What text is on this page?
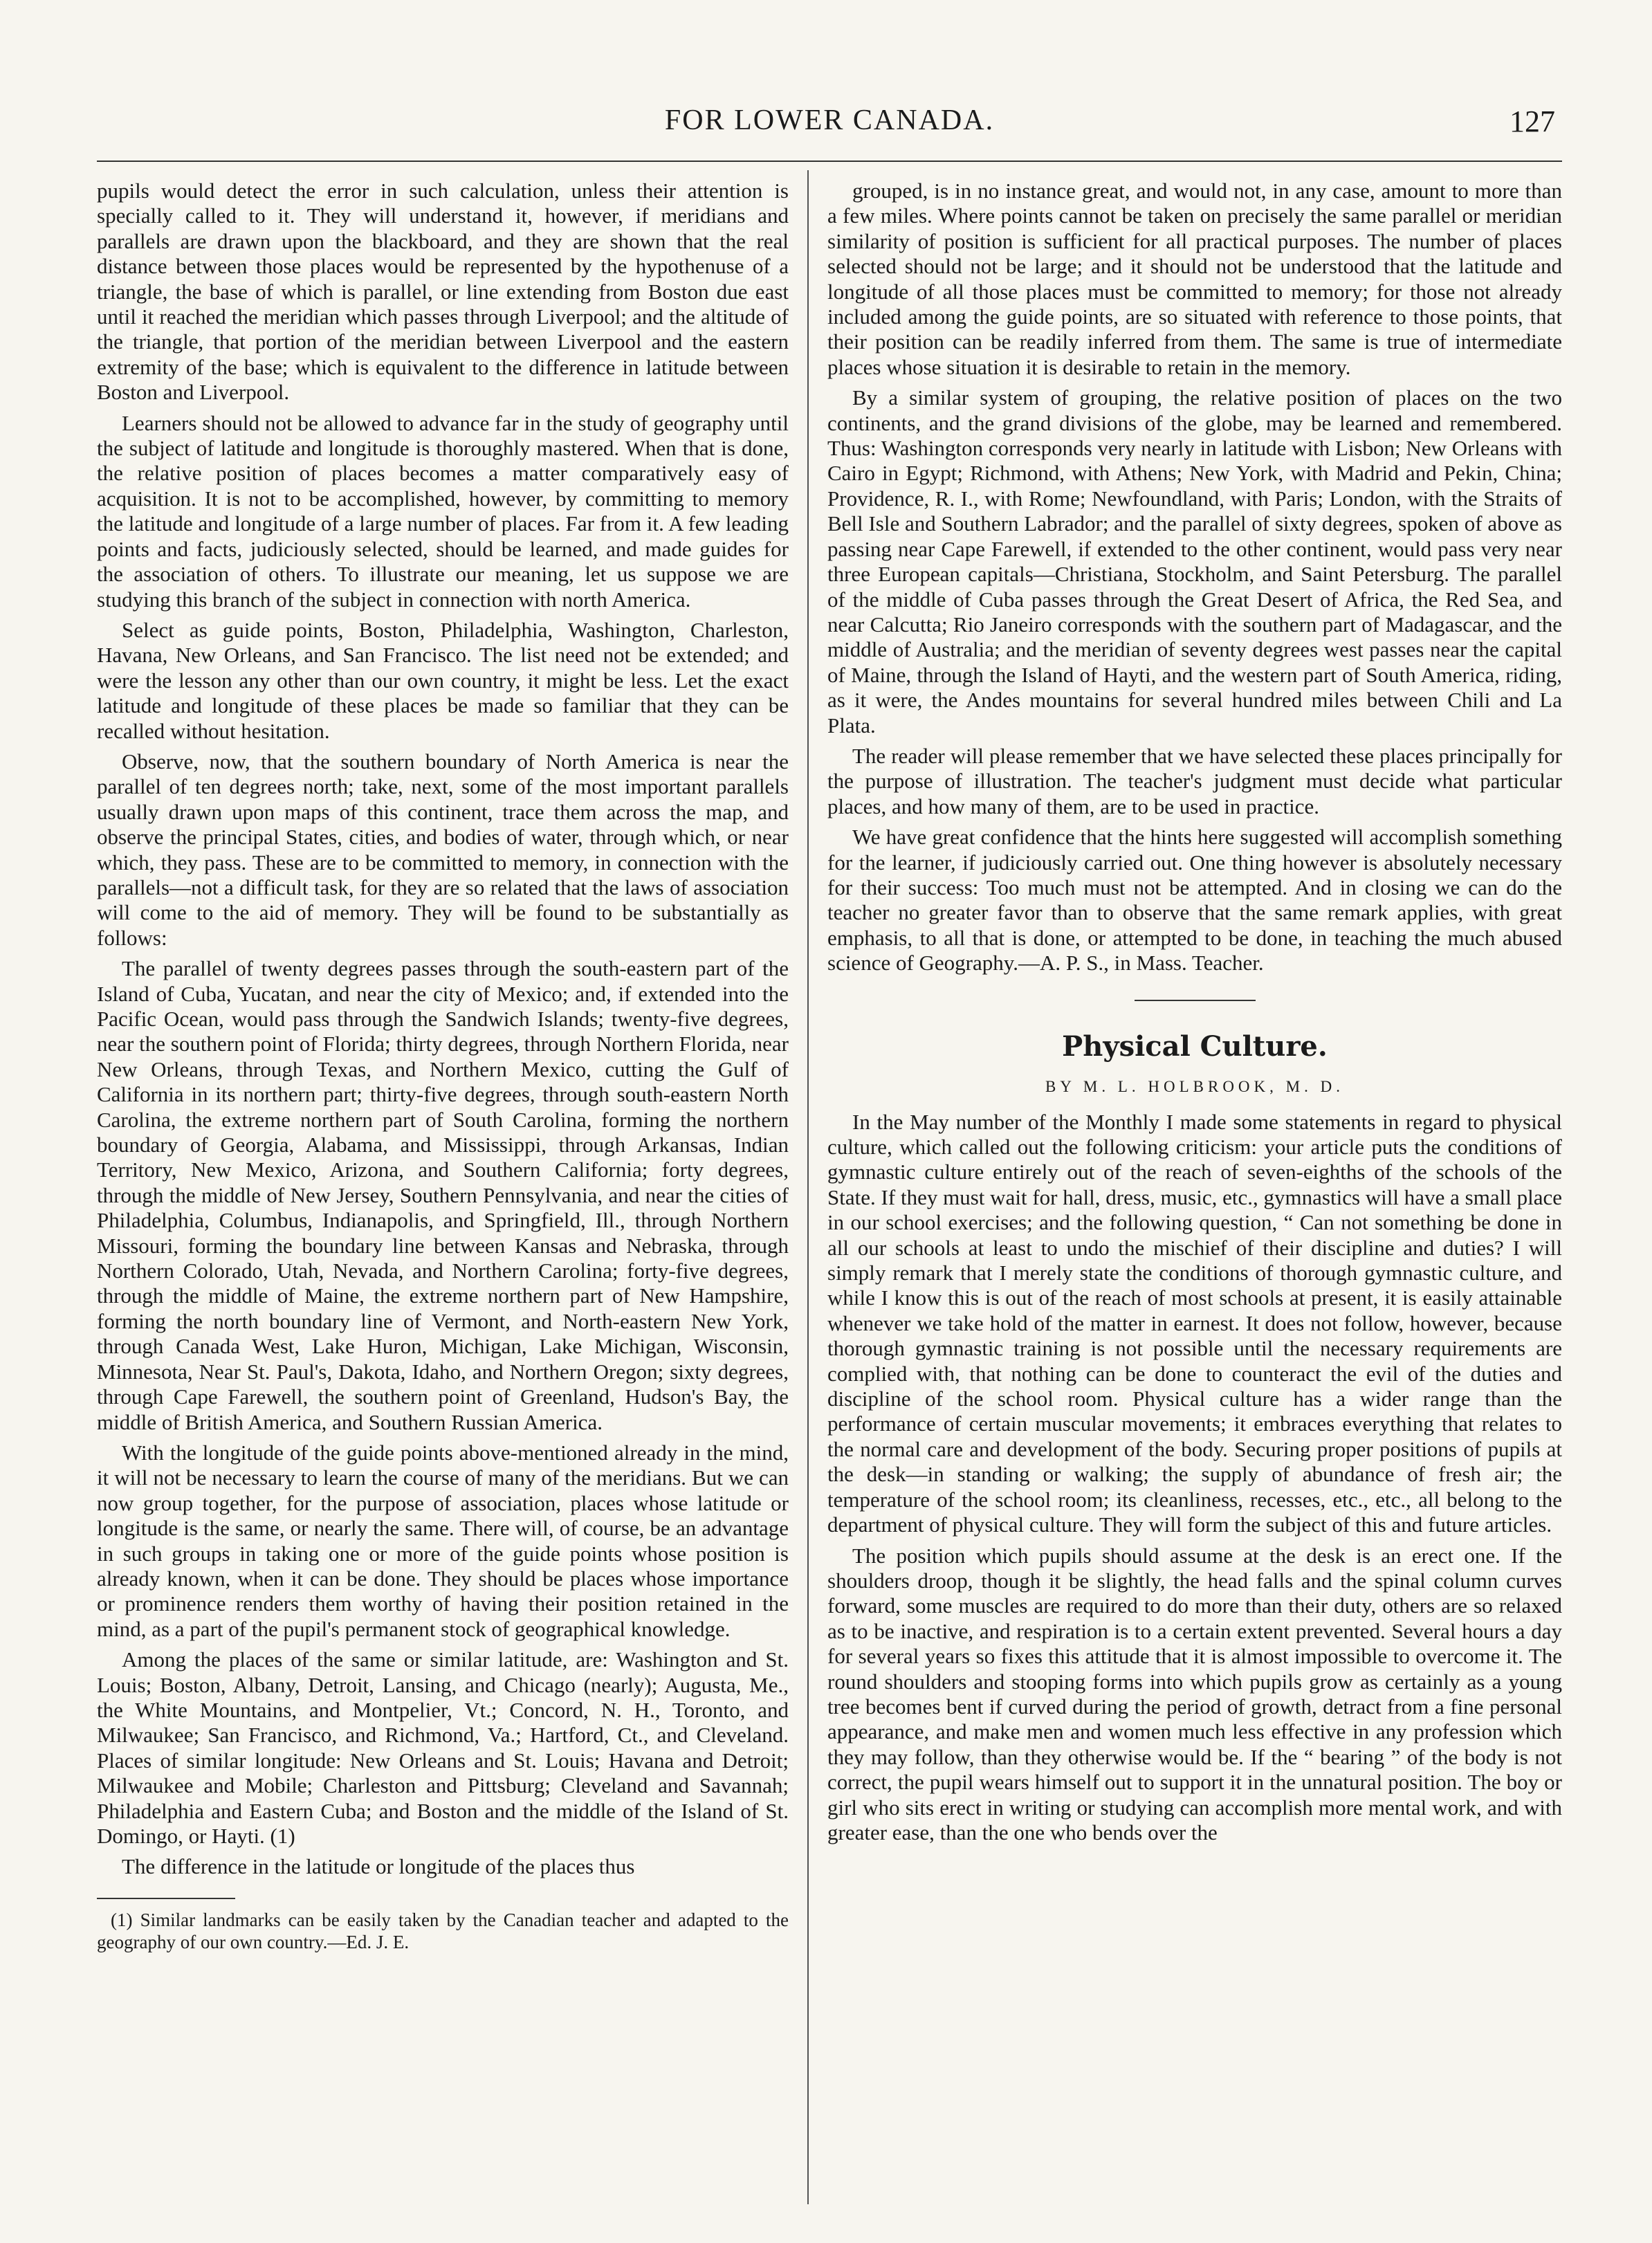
FOR LOWER CANADA.	127

pupils would detect the error in such calculation, unless their attention is specially called to it. They will understand it, however, if meridians and parallels are drawn upon the blackboard, and they are shown that the real distance between those places would be represented by the hypothenuse of a triangle, the base of which is parallel, or line extending from Boston due east until it reached the meridian which passes through Liverpool; and the altitude of the triangle, that portion of the meridian between Liverpool and the eastern extremity of the base; which is equivalent to the difference in latitude between Boston and Liverpool.

Learners should not be allowed to advance far in the study of geography until the subject of latitude and longitude is thoroughly mastered. When that is done, the relative position of places becomes a matter comparatively easy of acquisition. It is not to be accomplished, however, by committing to memory the latitude and longitude of a large number of places. Far from it. A few leading points and facts, judiciously selected, should be learned, and made guides for the association of others. To illustrate our meaning, let us suppose we are studying this branch of the subject in connection with north America.

Select as guide points, Boston, Philadelphia, Washington, Charleston, Havana, New Orleans, and San Francisco. The list need not be extended; and were the lesson any other than our own country, it might be less. Let the exact latitude and longitude of these places be made so familiar that they can be recalled without hesitation.

Observe, now, that the southern boundary of North America is near the parallel of ten degrees north; take, next, some of the most important parallels usually drawn upon maps of this continent, trace them across the map, and observe the principal States, cities, and bodies of water, through which, or near which, they pass. These are to be committed to memory, in connection with the parallels—not a difficult task, for they are so related that the laws of association will come to the aid of memory. They will be found to be substantially as follows:

The parallel of twenty degrees passes through the south-eastern part of the Island of Cuba, Yucatan, and near the city of Mexico; and, if extended into the Pacific Ocean, would pass through the Sandwich Islands; twenty-five degrees, near the southern point of Florida; thirty degrees, through Northern Florida, near New Orleans, through Texas, and Northern Mexico, cutting the Gulf of California in its northern part; thirty-five degrees, through south-eastern North Carolina, the extreme northern part of South Carolina, forming the northern boundary of Georgia, Alabama, and Mississippi, through Arkansas, Indian Territory, New Mexico, Arizona, and Southern California; forty degrees, through the middle of New Jersey, Southern Pennsylvania, and near the cities of Philadelphia, Columbus, Indianapolis, and Springfield, Ill., through Northern Missouri, forming the boundary line between Kansas and Nebraska, through Northern Colorado, Utah, Nevada, and Northern Carolina; forty-five degrees, through the middle of Maine, the extreme northern part of New Hampshire, forming the north boundary line of Vermont, and North-eastern New York, through Canada West, Lake Huron, Michigan, Lake Michigan, Wisconsin, Minnesota, Near St. Paul's, Dakota, Idaho, and Northern Oregon; sixty degrees, through Cape Farewell, the southern point of Greenland, Hudson's Bay, the middle of British America, and Southern Russian America.

With the longitude of the guide points above-mentioned already in the mind, it will not be necessary to learn the course of many of the meridians. But we can now group together, for the purpose of association, places whose latitude or longitude is the same, or nearly the same. There will, of course, be an advantage in such groups in taking one or more of the guide points whose position is already known, when it can be done. They should be places whose importance or prominence renders them worthy of having their position retained in the mind, as a part of the pupil's permanent stock of geographical knowledge.

Among the places of the same or similar latitude, are: Washington and St. Louis; Boston, Albany, Detroit, Lansing, and Chicago (nearly); Augusta, Me., the White Mountains, and Montpelier, Vt.; Concord, N. H., Toronto, and Milwaukee; San Francisco, and Richmond, Va.; Hartford, Ct., and Cleveland. Places of similar longitude: New Orleans and St. Louis; Havana and Detroit; Milwaukee and Mobile; Charleston and Pittsburg; Cleveland and Savannah; Philadelphia and Eastern Cuba; and Boston and the middle of the Island of St. Domingo, or Hayti. (1)

The difference in the latitude or longitude of the places thus

(1) Similar landmarks can be easily taken by the Canadian teacher and adapted to the geography of our own country.—Ed. J. E.

grouped, is in no instance great, and would not, in any case, amount to more than a few miles. Where points cannot be taken on precisely the same parallel or meridian similarity of position is sufficient for all practical purposes. The number of places selected should not be large; and it should not be understood that the latitude and longitude of all those places must be committed to memory; for those not already included among the guide points, are so situated with reference to those points, that their position can be readily inferred from them. The same is true of intermediate places whose situation it is desirable to retain in the memory.

By a similar system of grouping, the relative position of places on the two continents, and the grand divisions of the globe, may be learned and remembered. Thus: Washington corresponds very nearly in latitude with Lisbon; New Orleans with Cairo in Egypt; Richmond, with Athens; New York, with Madrid and Pekin, China; Providence, R. I., with Rome; Newfoundland, with Paris; London, with the Straits of Bell Isle and Southern Labrador; and the parallel of sixty degrees, spoken of above as passing near Cape Farewell, if extended to the other continent, would pass very near three European capitals—Christiana, Stockholm, and Saint Petersburg. The parallel of the middle of Cuba passes through the Great Desert of Africa, the Red Sea, and near Calcutta; Rio Janeiro corresponds with the southern part of Madagascar, and the middle of Australia; and the meridian of seventy degrees west passes near the capital of Maine, through the Island of Hayti, and the western part of South America, riding, as it were, the Andes mountains for several hundred miles between Chili and La Plata.

The reader will please remember that we have selected these places principally for the purpose of illustration. The teacher's judgment must decide what particular places, and how many of them, are to be used in practice.

We have great confidence that the hints here suggested will accomplish something for the learner, if judiciously carried out. One thing however is absolutely necessary for their success: Too much must not be attempted. And in closing we can do the teacher no greater favor than to observe that the same remark applies, with great emphasis, to all that is done, or attempted to be done, in teaching the much abused science of Geography.—A. P. S., in Mass. Teacher.

Physical Culture.
BY M. L. HOLBROOK, M. D.

In the May number of the Monthly I made some statements in regard to physical culture, which called out the following criticism: your article puts the conditions of gymnastic culture entirely out of the reach of seven-eighths of the schools of the State. If they must wait for hall, dress, music, etc., gymnastics will have a small place in our school exercises; and the following question, “ Can not something be done in all our schools at least to undo the mischief of their discipline and duties? I will simply remark that I merely state the conditions of thorough gymnastic culture, and while I know this is out of the reach of most schools at present, it is easily attainable whenever we take hold of the matter in earnest. It does not follow, however, because thorough gymnastic training is not possible until the necessary requirements are complied with, that nothing can be done to counteract the evil of the duties and discipline of the school room. Physical culture has a wider range than the performance of certain muscular movements; it embraces everything that relates to the normal care and development of the body. Securing proper positions of pupils at the desk—in standing or walking; the supply of abundance of fresh air; the temperature of the school room; its cleanliness, recesses, etc., etc., all belong to the department of physical culture. They will form the subject of this and future articles.

The position which pupils should assume at the desk is an erect one. If the shoulders droop, though it be slightly, the head falls and the spinal column curves forward, some muscles are required to do more than their duty, others are so relaxed as to be inactive, and respiration is to a certain extent prevented. Several hours a day for several years so fixes this attitude that it is almost impossible to overcome it. The round shoulders and stooping forms into which pupils grow as certainly as a young tree becomes bent if curved during the period of growth, detract from a fine personal appearance, and make men and women much less effective in any profession which they may follow, than they otherwise would be. If the “ bearing ” of the body is not correct, the pupil wears himself out to support it in the unnatural position. The boy or girl who sits erect in writing or studying can accomplish more mental work, and with greater ease, than the one who bends over the
